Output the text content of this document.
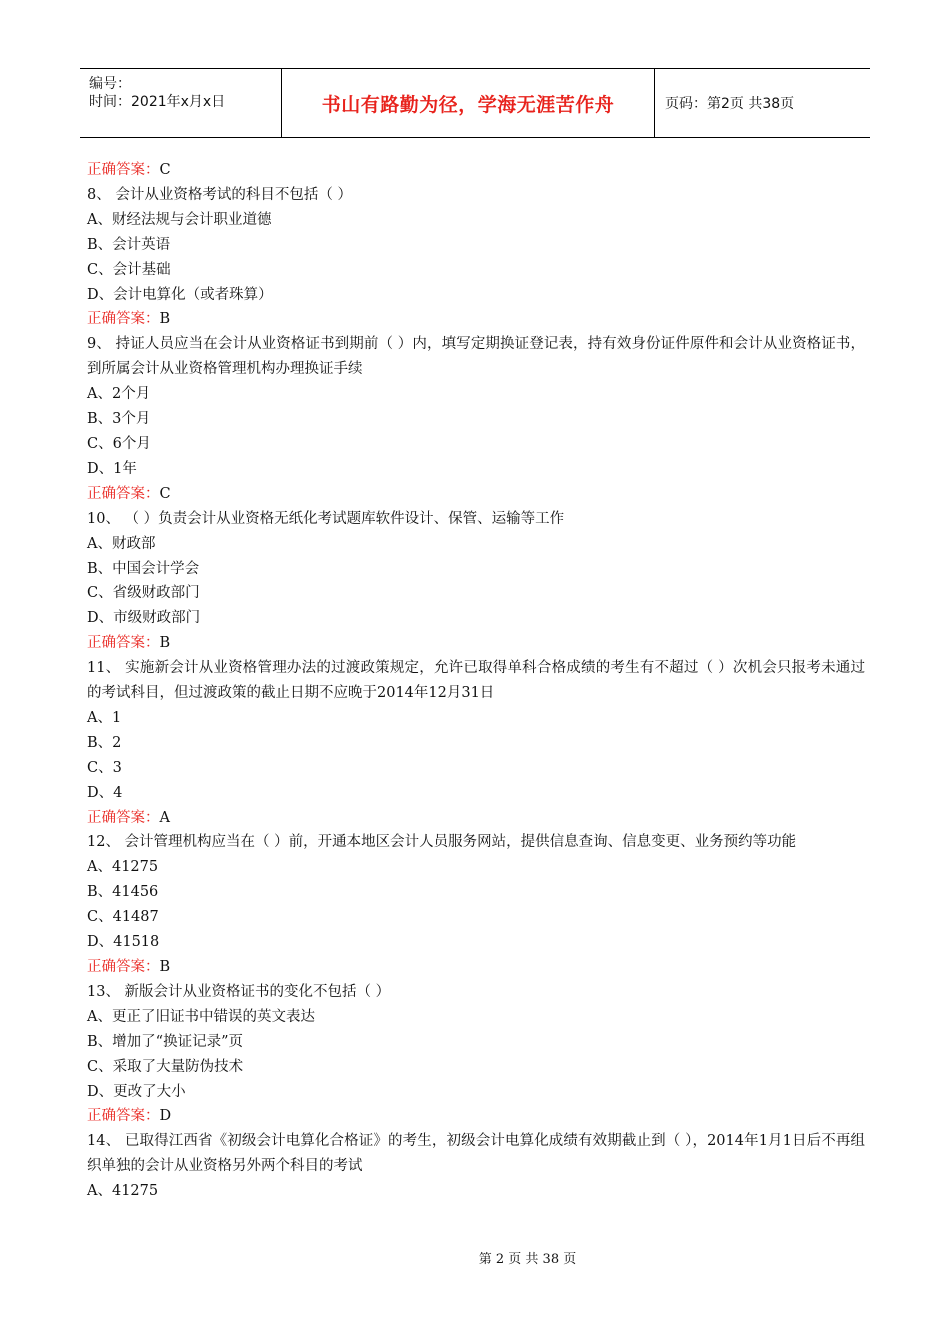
编号：
时间：2021年x月x日	书山有路勤为径，学海无涯苦作舟	页码：第2页 共38页
正确答案：C
8、 会计从业资格考试的科目不包括（ ）
A、财经法规与会计职业道德
B、会计英语
C、会计基础
D、会计电算化（或者珠算）
正确答案：B
9、 持证人员应当在会计从业资格证书到期前（ ）内，填写定期换证登记表，持有效身份证件原件和会计从业资格证书，到所属会计从业资格管理机构办理换证手续
A、2个月
B、3个月
C、6个月
D、1年
正确答案：C
10、 （ ）负责会计从业资格无纸化考试题库软件设计、保管、运输等工作
A、财政部
B、中国会计学会
C、省级财政部门
D、市级财政部门
正确答案：B
11、 实施新会计从业资格管理办法的过渡政策规定，允许已取得单科合格成绩的考生有不超过（ ）次机会只报考未通过的考试科目，但过渡政策的截止日期不应晚于2014年12月31日
A、1
B、2
C、3
D、4
正确答案：A
12、 会计管理机构应当在（ ）前，开通本地区会计人员服务网站，提供信息查询、信息变更、业务预约等功能
A、41275
B、41456
C、41487
D、41518
正确答案：B
13、 新版会计从业资格证书的变化不包括（ ）
A、更正了旧证书中错误的英文表达
B、增加了“换证记录”页
C、采取了大量防伪技术
D、更改了大小
正确答案：D
14、 已取得江西省《初级会计电算化合格证》的考生，初级会计电算化成绩有效期截止到（ ），2014年1月1日后不再组织单独的会计从业资格另外两个科目的考试
A、41275
第 2 页 共 38 页
